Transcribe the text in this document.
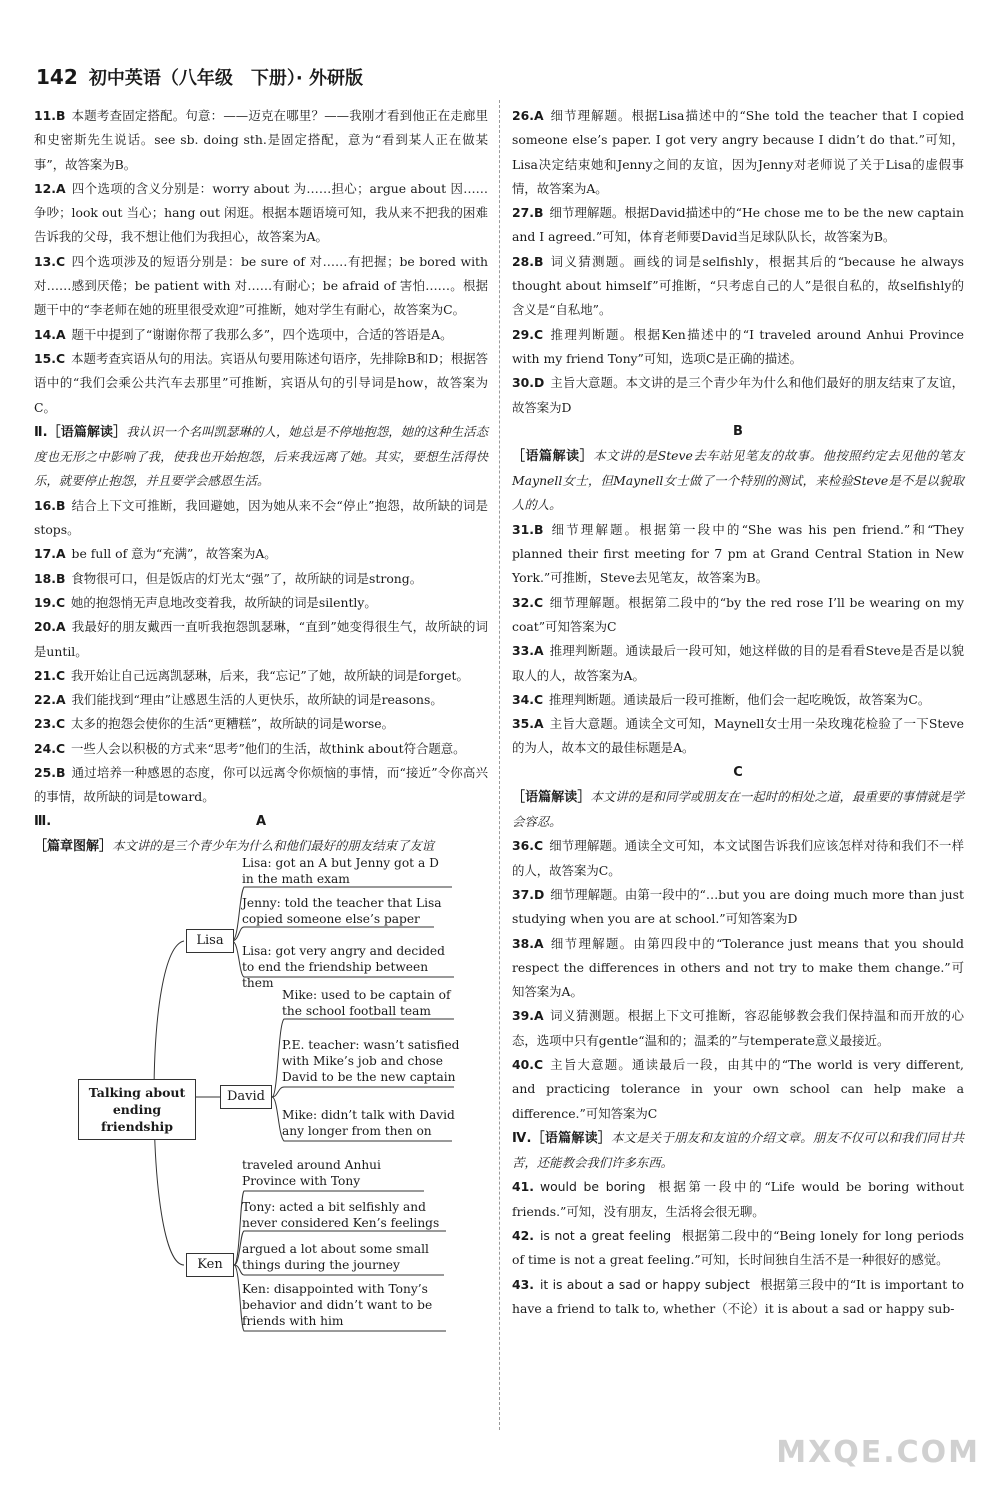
142 初中英语（八年级　下册）· 外研版

11.B 本题考查固定搭配。句意：——迈克在哪里？——我刚才看到他正在走廊里和史密斯先生说话。see sb. doing sth.是固定搭配，意为“看到某人正在做某事”，故答案为B。

12.A 四个选项的含义分别是：worry about 为……担心；argue about 因……争吵；look out 当心；hang out 闲逛。根据本题语境可知，我从来不把我的困难告诉我的父母，我不想让他们为我担心，故答案为A。

13.C 四个选项涉及的短语分别是：be sure of 对……有把握；be bored with 对……感到厌倦；be patient with 对……有耐心；be afraid of 害怕……。根据题干中的“李老师在她的班里很受欢迎”可推断，她对学生有耐心，故答案为C。

14.A 题干中提到了“谢谢你帮了我那么多”，四个选项中，合适的答语是A。

15.C 本题考查宾语从句的用法。宾语从句要用陈述句语序，先排除B和D；根据答语中的“我们会乘公共汽车去那里”可推断，宾语从句的引导词是how，故答案为C。

Ⅱ.［语篇解读］我认识一个名叫凯瑟琳的人，她总是不停地抱怨，她的这种生活态度也无形之中影响了我，使我也开始抱怨，后来我远离了她。其实，要想生活得快乐，就要停止抱怨，并且要学会感恩生活。

16.B 结合上下文可推断，我回避她，因为她从来不会“停止”抱怨，故所缺的词是stops。

17.A be full of 意为“充满”，故答案为A。

18.B 食物很可口，但是饭店的灯光太“强”了，故所缺的词是strong。

19.C 她的抱怨悄无声息地改变着我，故所缺的词是silently。

20.A 我最好的朋友戴西一直听我抱怨凯瑟琳，“直到”她变得很生气，故所缺的词是until。

21.C 我开始让自己远离凯瑟琳，后来，我“忘记”了她，故所缺的词是forget。

22.A 我们能找到“理由”让感恩生活的人更快乐，故所缺的词是reasons。

23.C 太多的抱怨会使你的生活“更糟糕”，故所缺的词是worse。

24.C 一些人会以积极的方式来“思考”他们的生活，故think about符合题意。

25.B 通过培养一种感恩的态度，你可以远离令你烦恼的事情，而“接近”令你高兴的事情，故所缺的词是toward。

Ⅲ.	A

［篇章图解］本文讲的是三个青少年为什么和他们最好的朋友结束了友谊

Talking about ending friendship
Lisa
David
Ken
Lisa: got an A but Jenny got a D in the math exam
Jenny: told the teacher that Lisa copied someone else’s paper
Lisa: got very angry and decided to end the friendship between them
Mike: used to be captain of the school football team
P.E. teacher: wasn’t satisfied with Mike’s job and chose David to be the new captain
Mike: didn’t talk with David any longer from then on
traveled around Anhui Province with Tony
Tony: acted a bit selfishly and never considered Ken’s feelings
argued a lot about some small things during the journey
Ken: disappointed with Tony’s behavior and didn’t want to be friends with him

26.A 细节理解题。根据Lisa描述中的“She told the teacher that I copied someone else’s paper. I got very angry because I didn’t do that.”可知，Lisa决定结束她和Jenny之间的友谊，因为Jenny对老师说了关于Lisa的虚假事情，故答案为A。

27.B 细节理解题。根据David描述中的“He chose me to be the new captain and I agreed.”可知，体育老师要David当足球队队长，故答案为B。

28.B 词义猜测题。画线的词是selfishly，根据其后的“because he always thought about himself”可推断，“只考虑自己的人”是很自私的，故selfishly的含义是“自私地”。

29.C 推理判断题。根据Ken描述中的“I traveled around Anhui Province with my friend Tony”可知，选项C是正确的描述。

30.D 主旨大意题。本文讲的是三个青少年为什么和他们最好的朋友结束了友谊，故答案为D

B

［语篇解读］本文讲的是Steve去车站见笔友的故事。他按照约定去见他的笔友Maynell女士，但Maynell女士做了一个特别的测试，来检验Steve是不是以貌取人的人。

31.B 细节理解题。根据第一段中的“She was his pen friend.”和“They planned their first meeting for 7 pm at Grand Central Station in New York.”可推断，Steve去见笔友，故答案为B。

32.C 细节理解题。根据第二段中的“by the red rose I’ll be wearing on my coat”可知答案为C

33.A 推理判断题。通读最后一段可知，她这样做的目的是看看Steve是否是以貌取人的人，故答案为A。

34.C 推理判断题。通读最后一段可推断，他们会一起吃晚饭，故答案为C。

35.A 主旨大意题。通读全文可知，Maynell女士用一朵玫瑰花检验了一下Steve的为人，故本文的最佳标题是A。

C

［语篇解读］本文讲的是和同学或朋友在一起时的相处之道，最重要的事情就是学会容忍。

36.C 细节理解题。通读全文可知，本文试图告诉我们应该怎样对待和我们不一样的人，故答案为C。

37.D 细节理解题。由第一段中的“…but you are doing much more than just studying when you are at school.”可知答案为D

38.A 细节理解题。由第四段中的“Tolerance just means that you should respect the differences in others and not try to make them change.”可知答案为A。

39.A 词义猜测题。根据上下文可推断，容忍能够教会我们保持温和而开放的心态，选项中只有gentle“温和的；温柔的”与temperate意义最接近。

40.C 主旨大意题。通读最后一段，由其中的“The world is very different, and practicing tolerance in your own school can help make a difference.”可知答案为C

Ⅳ.［语篇解读］本文是关于朋友和友谊的介绍文章。朋友不仅可以和我们同甘共苦，还能教会我们许多东西。

41. would be boring 根据第一段中的“Life would be boring without friends.”可知，没有朋友，生活将会很无聊。

42. is not a great feeling 根据第二段中的“Being lonely for long periods of time is not a great feeling.”可知，长时间独自生活不是一种很好的感觉。

43. it is about a sad or happy subject 根据第三段中的“It is important to have a friend to talk to, whether（不论）it is about a sad or happy sub-

MXQE.COM
